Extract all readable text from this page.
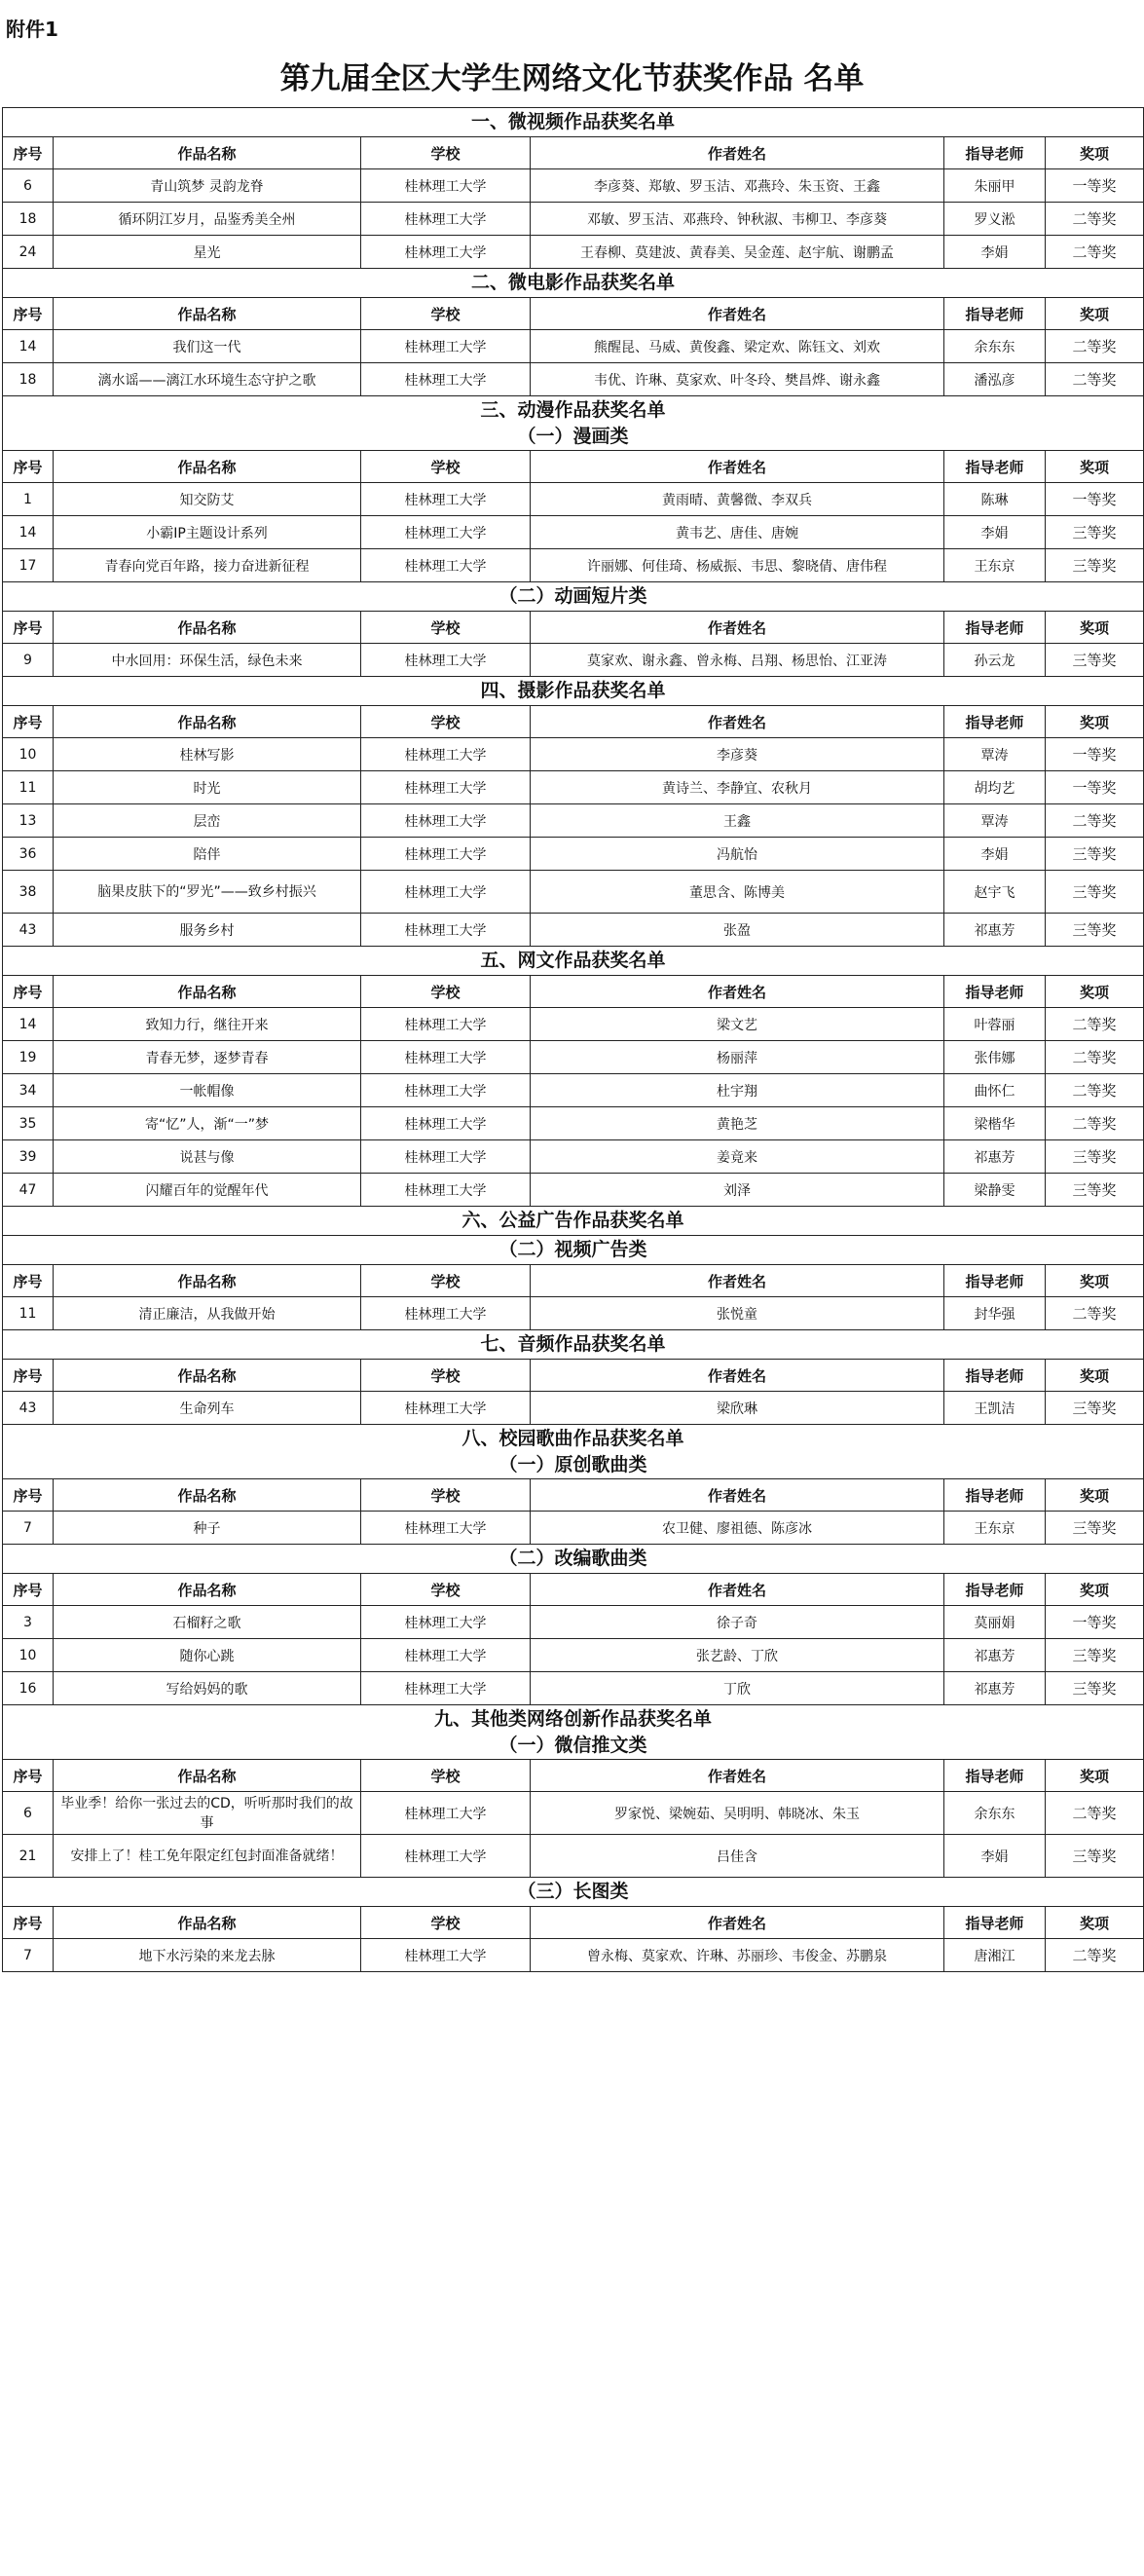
附件1
第九届全区大学生网络文化节获奖作品 名单
一、微视频作品获奖名单					

序号	作品名称	学校	作者姓名	指导老师	奖项
6	青山筑梦 灵韵龙脊	桂林理工大学	李彦葵、郑敏、罗玉洁、邓燕玲、朱玉资、王鑫	朱丽甲	一等奖
18	循环阴江岁月，品鉴秀美全州	桂林理工大学	邓敏、罗玉洁、邓燕玲、钟秋淑、韦柳卫、李彦葵	罗义淞	二等奖
24	星光	桂林理工大学	王春柳、莫建波、黄春美、吴金莲、赵宇航、谢鹏孟	李娟	二等奖

二、微电影作品获奖名单					

序号	作品名称	学校	作者姓名	指导老师	奖项
14	我们这一代	桂林理工大学	熊醒昆、马威、黄俊鑫、梁定欢、陈钰文、刘欢	余东东	二等奖
18	漓水谣——漓江水环境生态守护之歌	桂林理工大学	韦优、许琳、莫家欢、叶冬玲、樊昌烨、谢永鑫	潘泓彦	二等奖

三、动漫作品获奖名单
（一）漫画类					

序号	作品名称	学校	作者姓名	指导老师	奖项
1	知交防艾	桂林理工大学	黄雨晴、黄馨微、李双兵	陈琳	一等奖
14	小霸IP主题设计系列	桂林理工大学	黄韦艺、唐佳、唐婉	李娟	三等奖
17	青春向党百年路，接力奋进新征程	桂林理工大学	许丽娜、何佳琦、杨威振、韦思、黎晓倩、唐伟程	王东京	三等奖

（二）动画短片类					

序号	作品名称	学校	作者姓名	指导老师	奖项
9	中水回用：环保生活，绿色未来	桂林理工大学	莫家欢、谢永鑫、曾永梅、吕翔、杨思怡、江亚涛	孙云龙	三等奖

四、摄影作品获奖名单					

序号	作品名称	学校	作者姓名	指导老师	奖项
10	桂林写影	桂林理工大学	李彦葵	覃涛	一等奖
11	时光	桂林理工大学	黄诗兰、李静宜、农秋月	胡均艺	一等奖
13	层峦	桂林理工大学	王鑫	覃涛	二等奖
36	陪伴	桂林理工大学	冯航怡	李娟	三等奖
38	脑果皮肤下的“罗光”——致乡村振兴	桂林理工大学	董思含、陈博美	赵宇飞	三等奖
43	服务乡村	桂林理工大学	张盈	祁惠芳	三等奖

五、网文作品获奖名单					

序号	作品名称	学校	作者姓名	指导老师	奖项
14	致知力行，继往开来	桂林理工大学	梁文艺	叶蓉丽	二等奖
19	青春无梦，逐梦青春	桂林理工大学	杨丽萍	张伟娜	二等奖
34	一帐帽像	桂林理工大学	杜宇翔	曲怀仁	二等奖
35	寄“忆”人，渐“一”梦	桂林理工大学	黄艳芝	梁楷华	二等奖
39	说甚与像	桂林理工大学	姜竟来	祁惠芳	三等奖
47	闪耀百年的觉醒年代	桂林理工大学	刘泽	梁静雯	三等奖

六、公益广告作品获奖名单					

（二）视频广告类					

序号	作品名称	学校	作者姓名	指导老师	奖项
11	清正廉洁，从我做开始	桂林理工大学	张悦童	封华强	二等奖

七、音频作品获奖名单					

序号	作品名称	学校	作者姓名	指导老师	奖项
43	生命列车	桂林理工大学	梁欣琳	王凯洁	三等奖

八、校园歌曲作品获奖名单
（一）原创歌曲类					

序号	作品名称	学校	作者姓名	指导老师	奖项
7	种子	桂林理工大学	农卫健、廖祖德、陈彦冰	王东京	三等奖

（二）改编歌曲类					

序号	作品名称	学校	作者姓名	指导老师	奖项
3	石榴籽之歌	桂林理工大学	徐子奇	莫丽娟	一等奖
10	随你心跳	桂林理工大学	张艺龄、丁欣	祁惠芳	三等奖
16	写给妈妈的歌	桂林理工大学	丁欣	祁惠芳	三等奖

九、其他类网络创新作品获奖名单
（一）微信推文类					

序号	作品名称	学校	作者姓名	指导老师	奖项
6	毕业季！给你一张过去的CD，听听那时我们的故事	桂林理工大学	罗家悦、梁婉茹、吴明明、韩晓冰、朱玉	余东东	二等奖
21	安排上了！桂工免年限定红包封面准备就绪！	桂林理工大学	吕佳含	李娟	三等奖

（三）长图类					

序号	作品名称	学校	作者姓名	指导老师	奖项
7	地下水污染的来龙去脉	桂林理工大学	曾永梅、莫家欢、许琳、苏丽珍、韦俊金、苏鹏泉	唐湘江	二等奖
